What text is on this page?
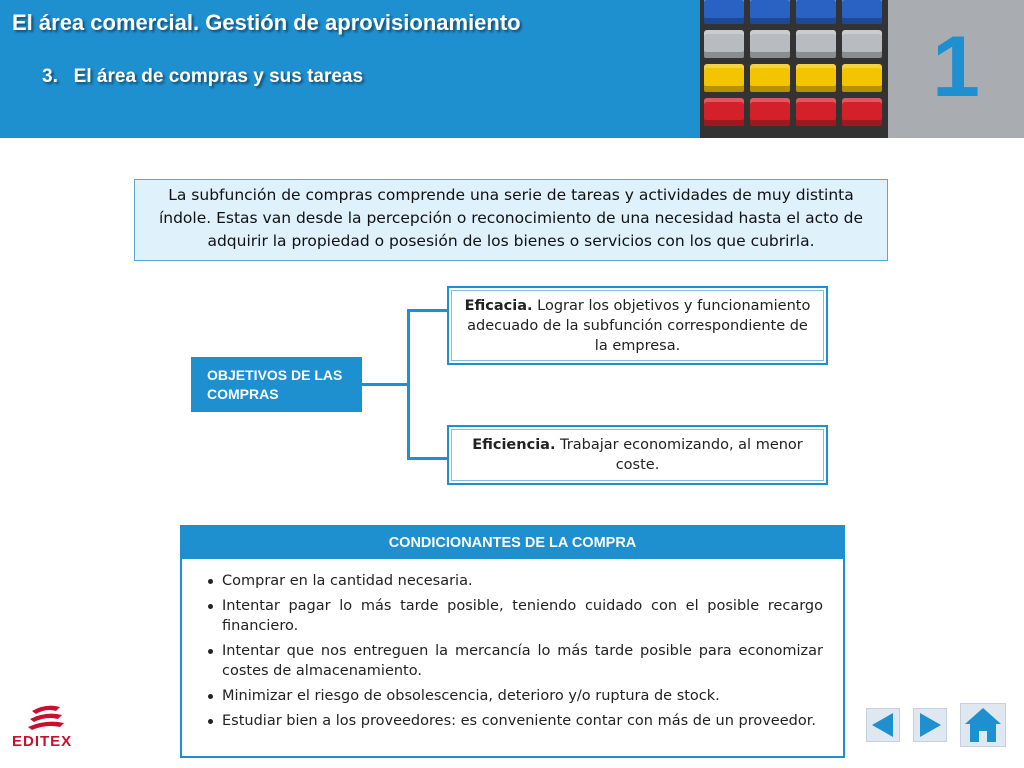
El área comercial. Gestión de aprovisionamiento
3.   El área de compras y sus tareas	1
La subfunción de compras comprende una serie de tareas y actividades de muy distinta índole. Estas van desde la percepción o reconocimiento de una necesidad hasta el acto de adquirir la propiedad o posesión de los bienes o servicios con los que cubrirla.
OBJETIVOS DE LAS COMPRAS
Eficacia. Lograr los objetivos y funcionamiento adecuado de la subfunción correspondiente de la empresa.
Eficiencia. Trabajar economizando, al menor coste.
CONDICIONANTES DE LA COMPRA
Comprar en la cantidad necesaria.
Intentar pagar lo más tarde posible, teniendo cuidado con el posible recargo financiero.
Intentar que nos entreguen la mercancía lo más tarde posible para economizar costes de almacenamiento.
Minimizar el riesgo de obsolescencia, deterioro y/o ruptura de stock.
Estudiar bien a los proveedores: es conveniente contar con más de un proveedor.
EDITEX
